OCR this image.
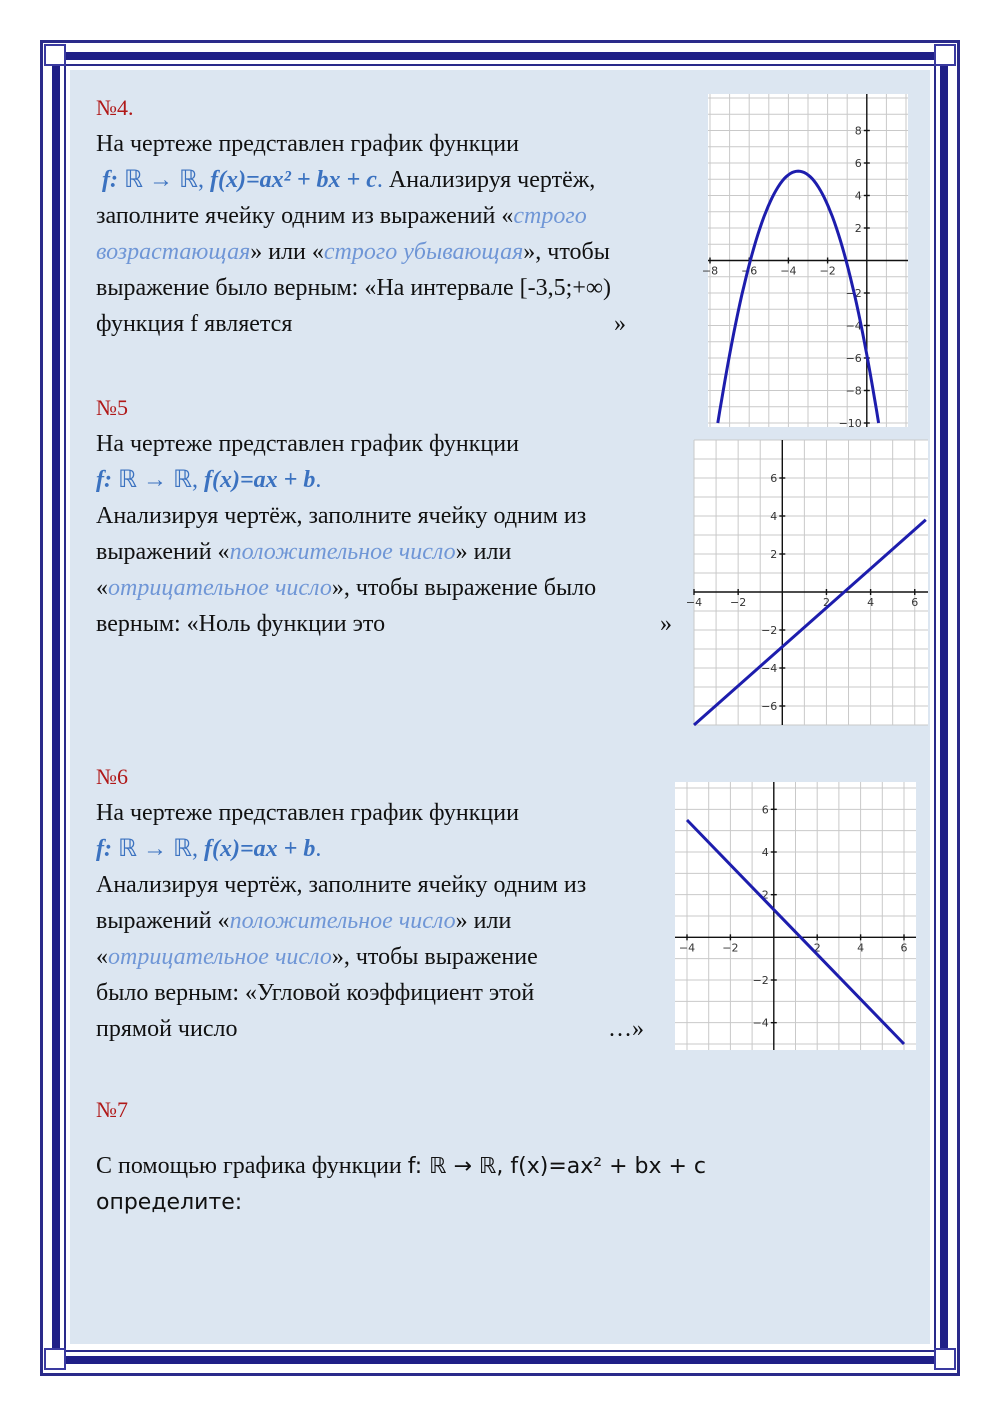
№4.
На чертеже представлен график функции
f: ℝ → ℝ, f(x)=ax² + bx + c. Анализируя чертёж,
заполните ячейку одним из выражений «строго
возрастающая» или «строго убывающая», чтобы
выражение было верным: «На интервале [-3,5;+∞)
функция f является	»
№5
На чертеже представлен график функции
f: ℝ → ℝ, f(x)=ax + b.
Анализируя чертёж, заполните ячейку одним из
выражений «положительное число» или
«отрицательное число», чтобы выражение было
верным: «Ноль функции это	»
№6
На чертеже представлен график функции
f: ℝ → ℝ, f(x)=ax + b.
Анализируя чертёж, заполните ячейку одним из
выражений «положительное число» или
«отрицательное число», чтобы выражение
было верным: «Угловой коэффициент этой
прямой число	…»
№7
С помощью графика функции f: ℝ → ℝ, f(x)=ax² + bx + c
определите:
−8 −6 −4 −2
8
6
4
2
−2
−4
−6
−8
−10
−4	−2	2	4	6
6
4
2
−2
−4
−6
−4 −2	2	4	6
6
4
2
−2
−4
